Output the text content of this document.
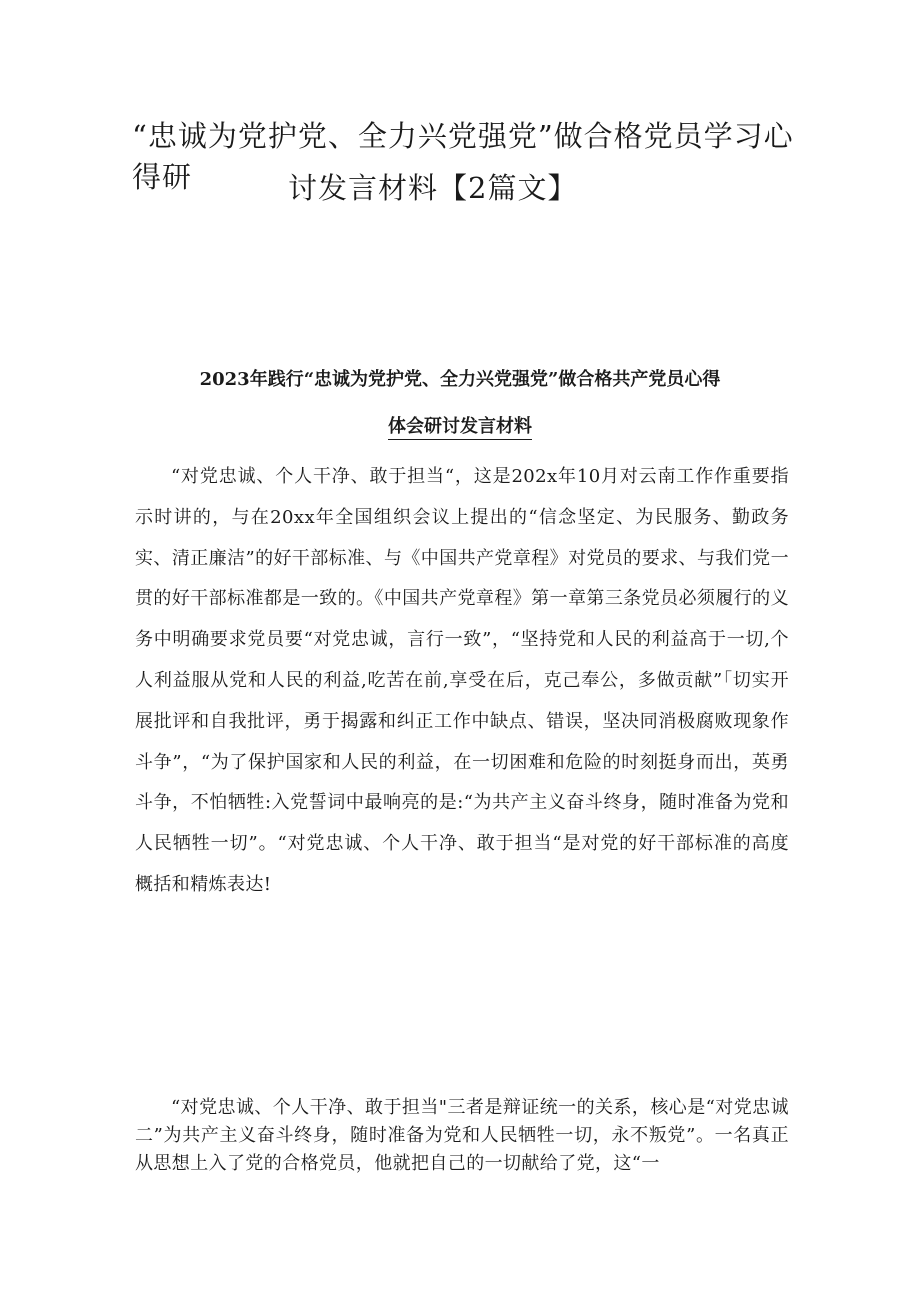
“忠诚为党护党、全力兴党强党”做合格党员学习心得研	讨发言材料【2篇文】
2023年践行“忠诚为党护党、全力兴党强党”做合格共产党员心得
体会研讨发言材料

“对党忠诚、个人干净、敢于担当“，这是202x年10月对云南工作作重要指示时讲的，与在20xx年全国组织会议上提出的“信念坚定、为民服务、勤政务实、清正廉洁”的好干部标准、与《中国共产党章程》对党员的要求、与我们党一贯的好干部标准都是一致的。《中国共产党章程》第一章第三条党员必须履行的义务中明确要求党员要“对党忠诚，言行一致”，“坚持党和人民的利益高于一切,个人利益服从党和人民的利益,吃苦在前,享受在后，克己奉公，多做贡献”「切实开展批评和自我批评，勇于揭露和纠正工作中缺点、错误，坚决同消极腐败现象作斗争”，“为了保护国家和人民的利益，在一切困难和危险的时刻挺身而出，英勇斗争，不怕牺牲:入党誓词中最响亮的是:“为共产主义奋斗终身，随时准备为党和人民牺牲一切”。“对党忠诚、个人干净、敢于担当“是对党的好干部标准的高度概括和精炼表达!

“对党忠诚、个人干净、敢于担当"三者是辩证统一的关系，核心是“对党忠诚二”为共产主义奋斗终身，随时准备为党和人民牺牲一切，永不叛党”。一名真正从思想上入了党的合格党员，他就把自己的一切献给了党，这“一
